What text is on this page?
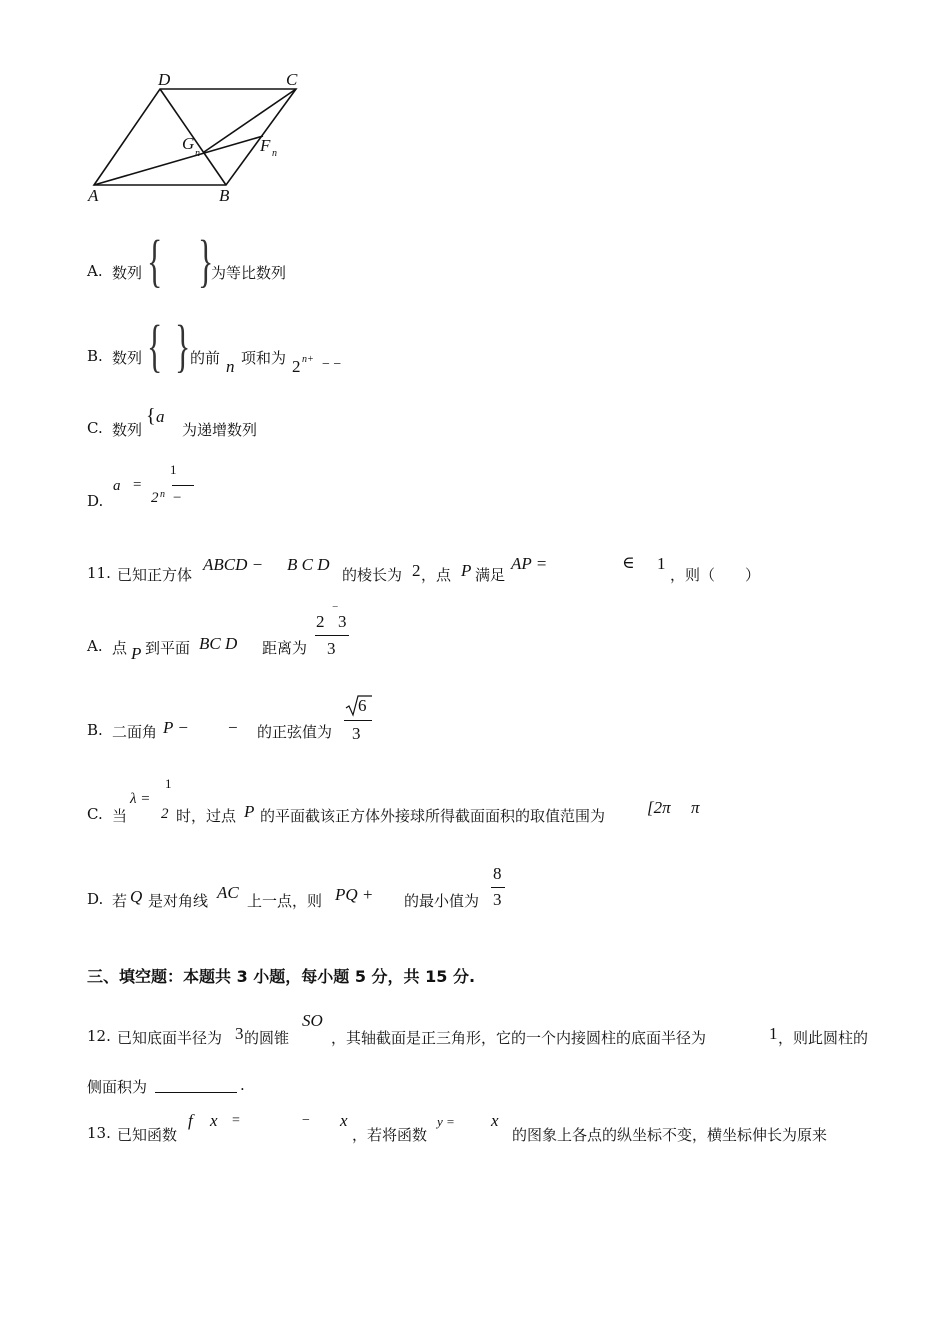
D	C
G
n	F n
A	B
A. 数列 { }
为等比数列
B. 数列 { } 的前 n 项和为 2 n+ − −
C. 数列
{ a
为递增数列
D.
a =
1
2 n −
11. 已知正方体
ABCD − B C D
的棱长为 2 ，点 P 满足
AP =	∈ 1
，则（　　）
A. 点 P 到平面 BC D 距离为
2
‾
3
3
B. 二面角 P − − 的正弦值为
6
3
C. 当
λ =
1
2 时，过点 P 的平面截该正方体外接球所得截面面积的取值范围为 [2π π
D. 若 Q 是对角线 AC 上一点，则 PQ + 的最小值为
8
3
三、填空题：本题共 3 小题，每小题 5 分，共 15 分.
12. 已知底面半径为 3 的圆锥
SO
，其轴截面是正三角形，它的一个内接圆柱的底面半径为	1 ，则此圆柱的
侧面积为	.
13. 已知函数
f x =	− x
，若将函数
y = x
的图象上各点的纵坐标不变，横坐标伸长为原来
